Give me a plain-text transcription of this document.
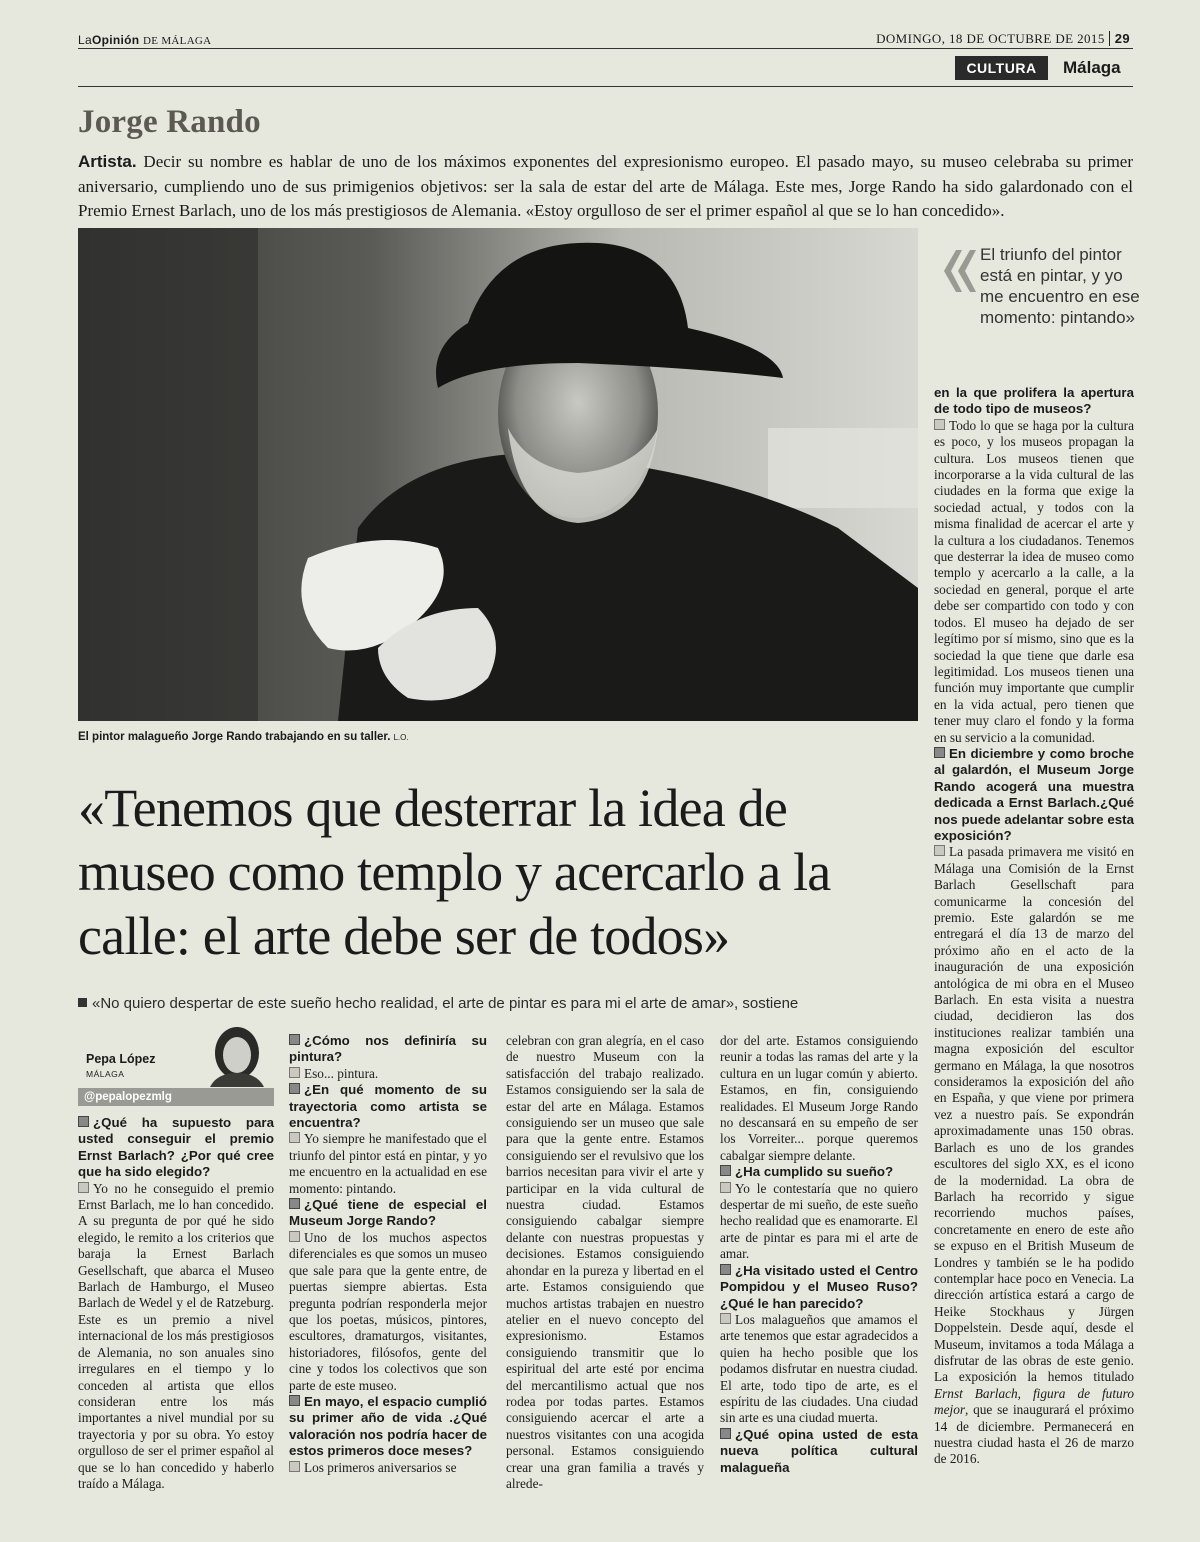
LaOpinión DE MÁLAGA	DOMINGO, 18 DE OCTUBRE DE 2015 29
CULTURA	Málaga
Jorge Rando
Artista. Decir su nombre es hablar de uno de los máximos exponentes del expresionismo europeo. El pasado mayo, su museo celebraba su primer aniversario, cumpliendo uno de sus primigenios objetivos: ser la sala de estar del arte de Málaga. Este mes, Jorge Rando ha sido galardonado con el Premio Ernest Barlach, uno de los más prestigiosos de Alemania. «Estoy orgulloso de ser el primer español al que se lo han concedido».
El pintor malagueño Jorge Rando trabajando en su taller. L.O.
El triunfo del pintor está en pintar, y yo me encuentro en ese momento: pintando»
«Tenemos que desterrar la idea de museo como templo y acercarlo a la calle: el arte debe ser de todos»
«No quiero despertar de este sueño hecho realidad, el arte de pintar es para mi el arte de amar», sostiene
Pepa López
MÁLAGA
@pepalopezmlg

¿Qué ha supuesto para usted conseguir el premio Ernst Barlach? ¿Por qué cree que ha sido elegido?

Yo no he conseguido el premio Ernst Barlach, me lo han concedido. A su pregunta de por qué he sido elegido, le remito a los criterios que baraja la Ernest Barlach Gesellschaft, que abarca el Museo Barlach de Hamburgo, el Museo Barlach de Wedel y el de Ratzeburg. Este es un premio a nivel internacional de los más prestigiosos de Alemania, no son anuales sino irregulares en el tiempo y lo conceden al artista que ellos consideran entre los más importantes a nivel mundial por su trayectoria y por su obra. Yo estoy orgulloso de ser el primer español al que se lo han concedido y haberlo traído a Málaga.

¿Cómo nos definiría su pintura?

Eso... pintura.

¿En qué momento de su trayectoria como artista se encuentra?

Yo siempre he manifestado que el triunfo del pintor está en pintar, y yo me encuentro en la actualidad en ese momento: pintando.

¿Qué tiene de especial el Museum Jorge Rando?

Uno de los muchos aspectos diferenciales es que somos un museo que sale para que la gente entre, de puertas siempre abiertas. Esta pregunta podrían responderla mejor que los poetas, músicos, pintores, escultores, dramaturgos, visitantes, historiadores, filósofos, gente del cine y todos los colectivos que son parte de este museo.

En mayo, el espacio cumplió su primer año de vida .¿Qué valoración nos podría hacer de estos primeros doce meses?

Los primeros aniversarios se

celebran con gran alegría, en el caso de nuestro Museum con la satisfacción del trabajo realizado. Estamos consiguiendo ser la sala de estar del arte en Málaga. Estamos consiguiendo ser un museo que sale para que la gente entre. Estamos consiguiendo ser el revulsivo que los barrios necesitan para vivir el arte y participar en la vida cultural de nuestra ciudad. Estamos consiguiendo cabalgar siempre delante con nuestras propuestas y decisiones. Estamos consiguiendo ahondar en la pureza y libertad en el arte. Estamos consiguiendo que muchos artistas trabajen en nuestro atelier en el nuevo concepto del expresionismo. Estamos consiguiendo transmitir que lo espiritual del arte esté por encima del mercantilismo actual que nos rodea por todas partes. Estamos consiguiendo acercar el arte a nuestros visitantes con una acogida personal. Estamos consiguiendo crear una gran familia a través y alrede-

dor del arte. Estamos consiguiendo reunir a todas las ramas del arte y la cultura en un lugar común y abierto. Estamos, en fin, consiguiendo realidades. El Museum Jorge Rando no descansará en su empeño de ser los Vorreiter... porque queremos cabalgar siempre delante.

¿Ha cumplido su sueño?

Yo le contestaría que no quiero despertar de mi sueño, de este sueño hecho realidad que es enamorarte. El arte de pintar es para mi el arte de amar.

¿Ha visitado usted el Centro Pompidou y el Museo Ruso? ¿Qué le han parecido?

Los malagueños que amamos el arte tenemos que estar agradecidos a quien ha hecho posible que los podamos disfrutar en nuestra ciudad. El arte, todo tipo de arte, es el espíritu de las ciudades. Una ciudad sin arte es una ciudad muerta.

¿Qué opina usted de esta nueva política cultural malagueña

en la que prolifera la apertura de todo tipo de museos?

Todo lo que se haga por la cultura es poco, y los museos propagan la cultura. Los museos tienen que incorporarse a la vida cultural de las ciudades en la forma que exige la sociedad actual, y todos con la misma finalidad de acercar el arte y la cultura a los ciudadanos. Tenemos que desterrar la idea de museo como templo y acercarlo a la calle, a la sociedad en general, porque el arte debe ser compartido con todo y con todos. El museo ha dejado de ser legítimo por sí mismo, sino que es la sociedad la que tiene que darle esa legitimidad. Los museos tienen una función muy importante que cumplir en la vida actual, pero tienen que tener muy claro el fondo y la forma en su servicio a la comunidad.

En diciembre y como broche al galardón, el Museum Jorge Rando acogerá una muestra dedicada a Ernst Barlach.¿Qué nos puede adelantar sobre esta exposición?

La pasada primavera me visitó en Málaga una Comisión de la Ernst Barlach Gesellschaft para comunicarme la concesión del premio. Este galardón se me entregará el día 13 de marzo del próximo año en el acto de la inauguración de una exposición antológica de mi obra en el Museo Barlach. En esta visita a nuestra ciudad, decidieron las dos instituciones realizar también una magna exposición del escultor germano en Málaga, la que nosotros consideramos la exposición del año en España, y que viene por primera vez a nuestro país. Se expondrán aproximadamente unas 150 obras. Barlach es uno de los grandes escultores del siglo XX, es el icono de la modernidad. La obra de Barlach ha recorrido y sigue recorriendo muchos países, concretamente en enero de este año se expuso en el British Museum de Londres y también se le ha podido contemplar hace poco en Venecia. La dirección artística estará a cargo de Heike Stockhaus y Jürgen Doppelstein. Desde aquí, desde el Museum, invitamos a toda Málaga a disfrutar de las obras de este genio. La exposición la hemos titulado Ernst Barlach, figura de futuro mejor, que se inaugurará el próximo 14 de diciembre. Permanecerá en nuestra ciudad hasta el 26 de marzo de 2016.
